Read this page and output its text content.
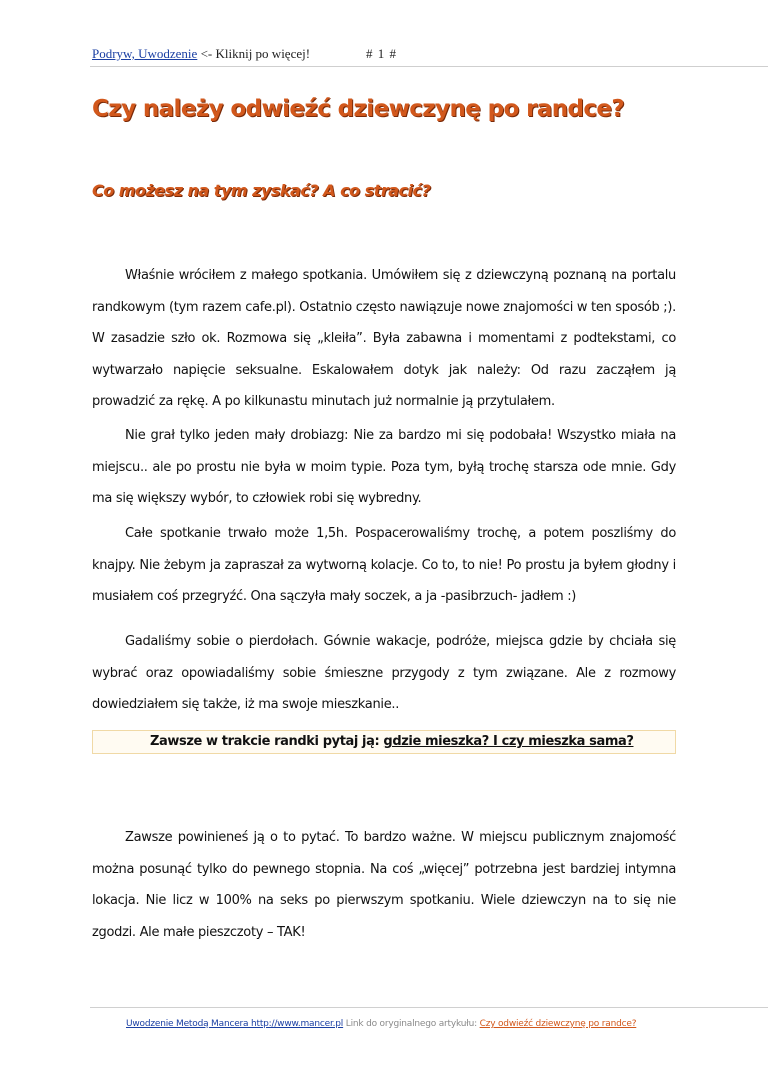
Podryw, Uwodzenie <- Kliknij po więcej!	# 1 #
Czy należy odwieźć dziewczynę po randce?
Co możesz na tym zyskać? A co stracić?

Właśnie wróciłem z małego spotkania. Umówiłem się z dziewczyną poznaną na portalu randkowym (tym razem cafe.pl). Ostatnio często nawiązuje nowe znajomości w ten sposób ;). W zasadzie szło ok. Rozmowa się „kleiła”. Była zabawna i momentami z podtekstami, co wytwarzało napięcie seksualne. Eskalowałem dotyk jak należy: Od razu zacząłem ją prowadzić za rękę. A po kilkunastu minutach już normalnie ją przytulałem.

Nie grał tylko jeden mały drobiazg: Nie za bardzo mi się podobała! Wszystko miała na miejscu.. ale po prostu nie była w moim typie. Poza tym, byłą trochę starsza ode mnie. Gdy ma się większy wybór, to człowiek robi się wybredny.

Całe spotkanie trwało może 1,5h. Pospacerowaliśmy trochę, a potem poszliśmy do knajpy. Nie żebym ja zapraszał za wytworną kolacje. Co to, to nie! Po prostu ja byłem głodny i musiałem coś przegryźć. Ona sączyła mały soczek, a ja -pasibrzuch- jadłem :)

Gadaliśmy sobie o pierdołach. Gównie wakacje, podróże, miejsca gdzie by chciała się wybrać oraz opowiadaliśmy sobie śmieszne przygody z tym związane. Ale z rozmowy dowiedziałem się także, iż ma swoje mieszkanie..

Zawsze w trakcie randki pytaj ją: gdzie mieszka? I czy mieszka sama?

Zawsze powinieneś ją o to pytać. To bardzo ważne. W miejscu publicznym znajomość można posunąć tylko do pewnego stopnia. Na coś „więcej” potrzebna jest bardziej intymna lokacja. Nie licz w 100% na seks po pierwszym spotkaniu. Wiele dziewczyn na to się nie zgodzi. Ale małe pieszczoty – TAK!

Uwodzenie Metodą Mancera http://www.mancer.pl Link do oryginalnego artykułu: Czy odwieźć dziewczynę po randce?
